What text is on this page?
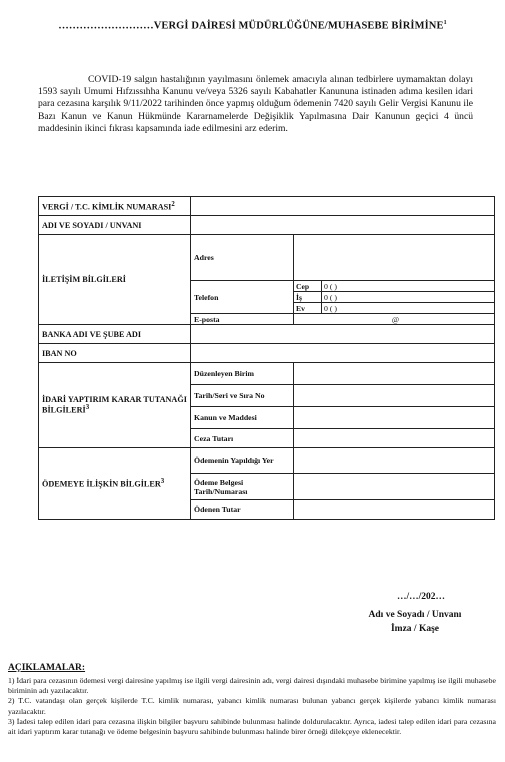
………………………VERGİ DAİRESİ MÜDÜRLÜĞÜNE/MUHASEBE BİRİMİNE$^1$

COVID-19 salgın hastalığının yayılmasını önlemek amacıyla alınan tedbirlere uymamaktan dolayı 1593 sayılı Umumi Hıfzıssıhha Kanunu ve/veya 5326 sayılı Kabahatler Kanununa istinaden adıma kesilen idari para cezasına karşılık 9/11/2022 tarihinden önce yapmış olduğum ödemenin 7420 sayılı Gelir Vergisi Kanunu ile Bazı Kanun ve Kanun Hükmünde Kararnamelerde Değişiklik Yapılmasına Dair Kanunun geçici 4 üncü maddesinin ikinci fıkrası kapsamında iade edilmesini arz ederim.

VERGİ / T.C. KİMLİK NUMARASI$^2$	
ADI VE SOYADI / UNVANI			
İLETİŞİM BİLGİLERİ	Adres		
	Telefon	Cep	0 ( )
		İş	0 ( )
		Ev	0 ( )
	E-posta	@	
BANKA ADI VE ŞUBE ADI			
IBAN NO			
İDARİ YAPTIRIM KARAR TUTANAĞI BİLGİLERİ$^3$	Düzenleyen Birim		
	Tarih/Seri ve Sıra No		
	Kanun ve Maddesi		
	Ceza Tutarı		
ÖDEMEYE İLİŞKİN BİLGİLER$^3$	Ödemenin Yapıldığı Yer		
	Ödeme Belgesi Tarih/Numarası		
	Ödenen Tutar		
…/…/202…
Adı ve Soyadı / Unvanı
İmza / Kaşe
AÇIKLAMALAR:

1) İdari para cezasının ödemesi vergi dairesine yapılmış ise ilgili vergi dairesinin adı, vergi dairesi dışındaki muhasebe birimine yapılmış ise ilgili muhasebe biriminin adı yazılacaktır.

2) T.C. vatandaşı olan gerçek kişilerde T.C. kimlik numarası, yabancı kimlik numarası bulunan yabancı gerçek kişilerde yabancı kimlik numarası yazılacaktır.

3) İadesi talep edilen idari para cezasına ilişkin bilgiler başvuru sahibinde bulunması halinde doldurulacaktır. Ayrıca, iadesi talep edilen idari para cezasına ait idari yaptırım karar tutanağı ve ödeme belgesinin başvuru sahibinde bulunması halinde birer örneği dilekçeye eklenecektir.
